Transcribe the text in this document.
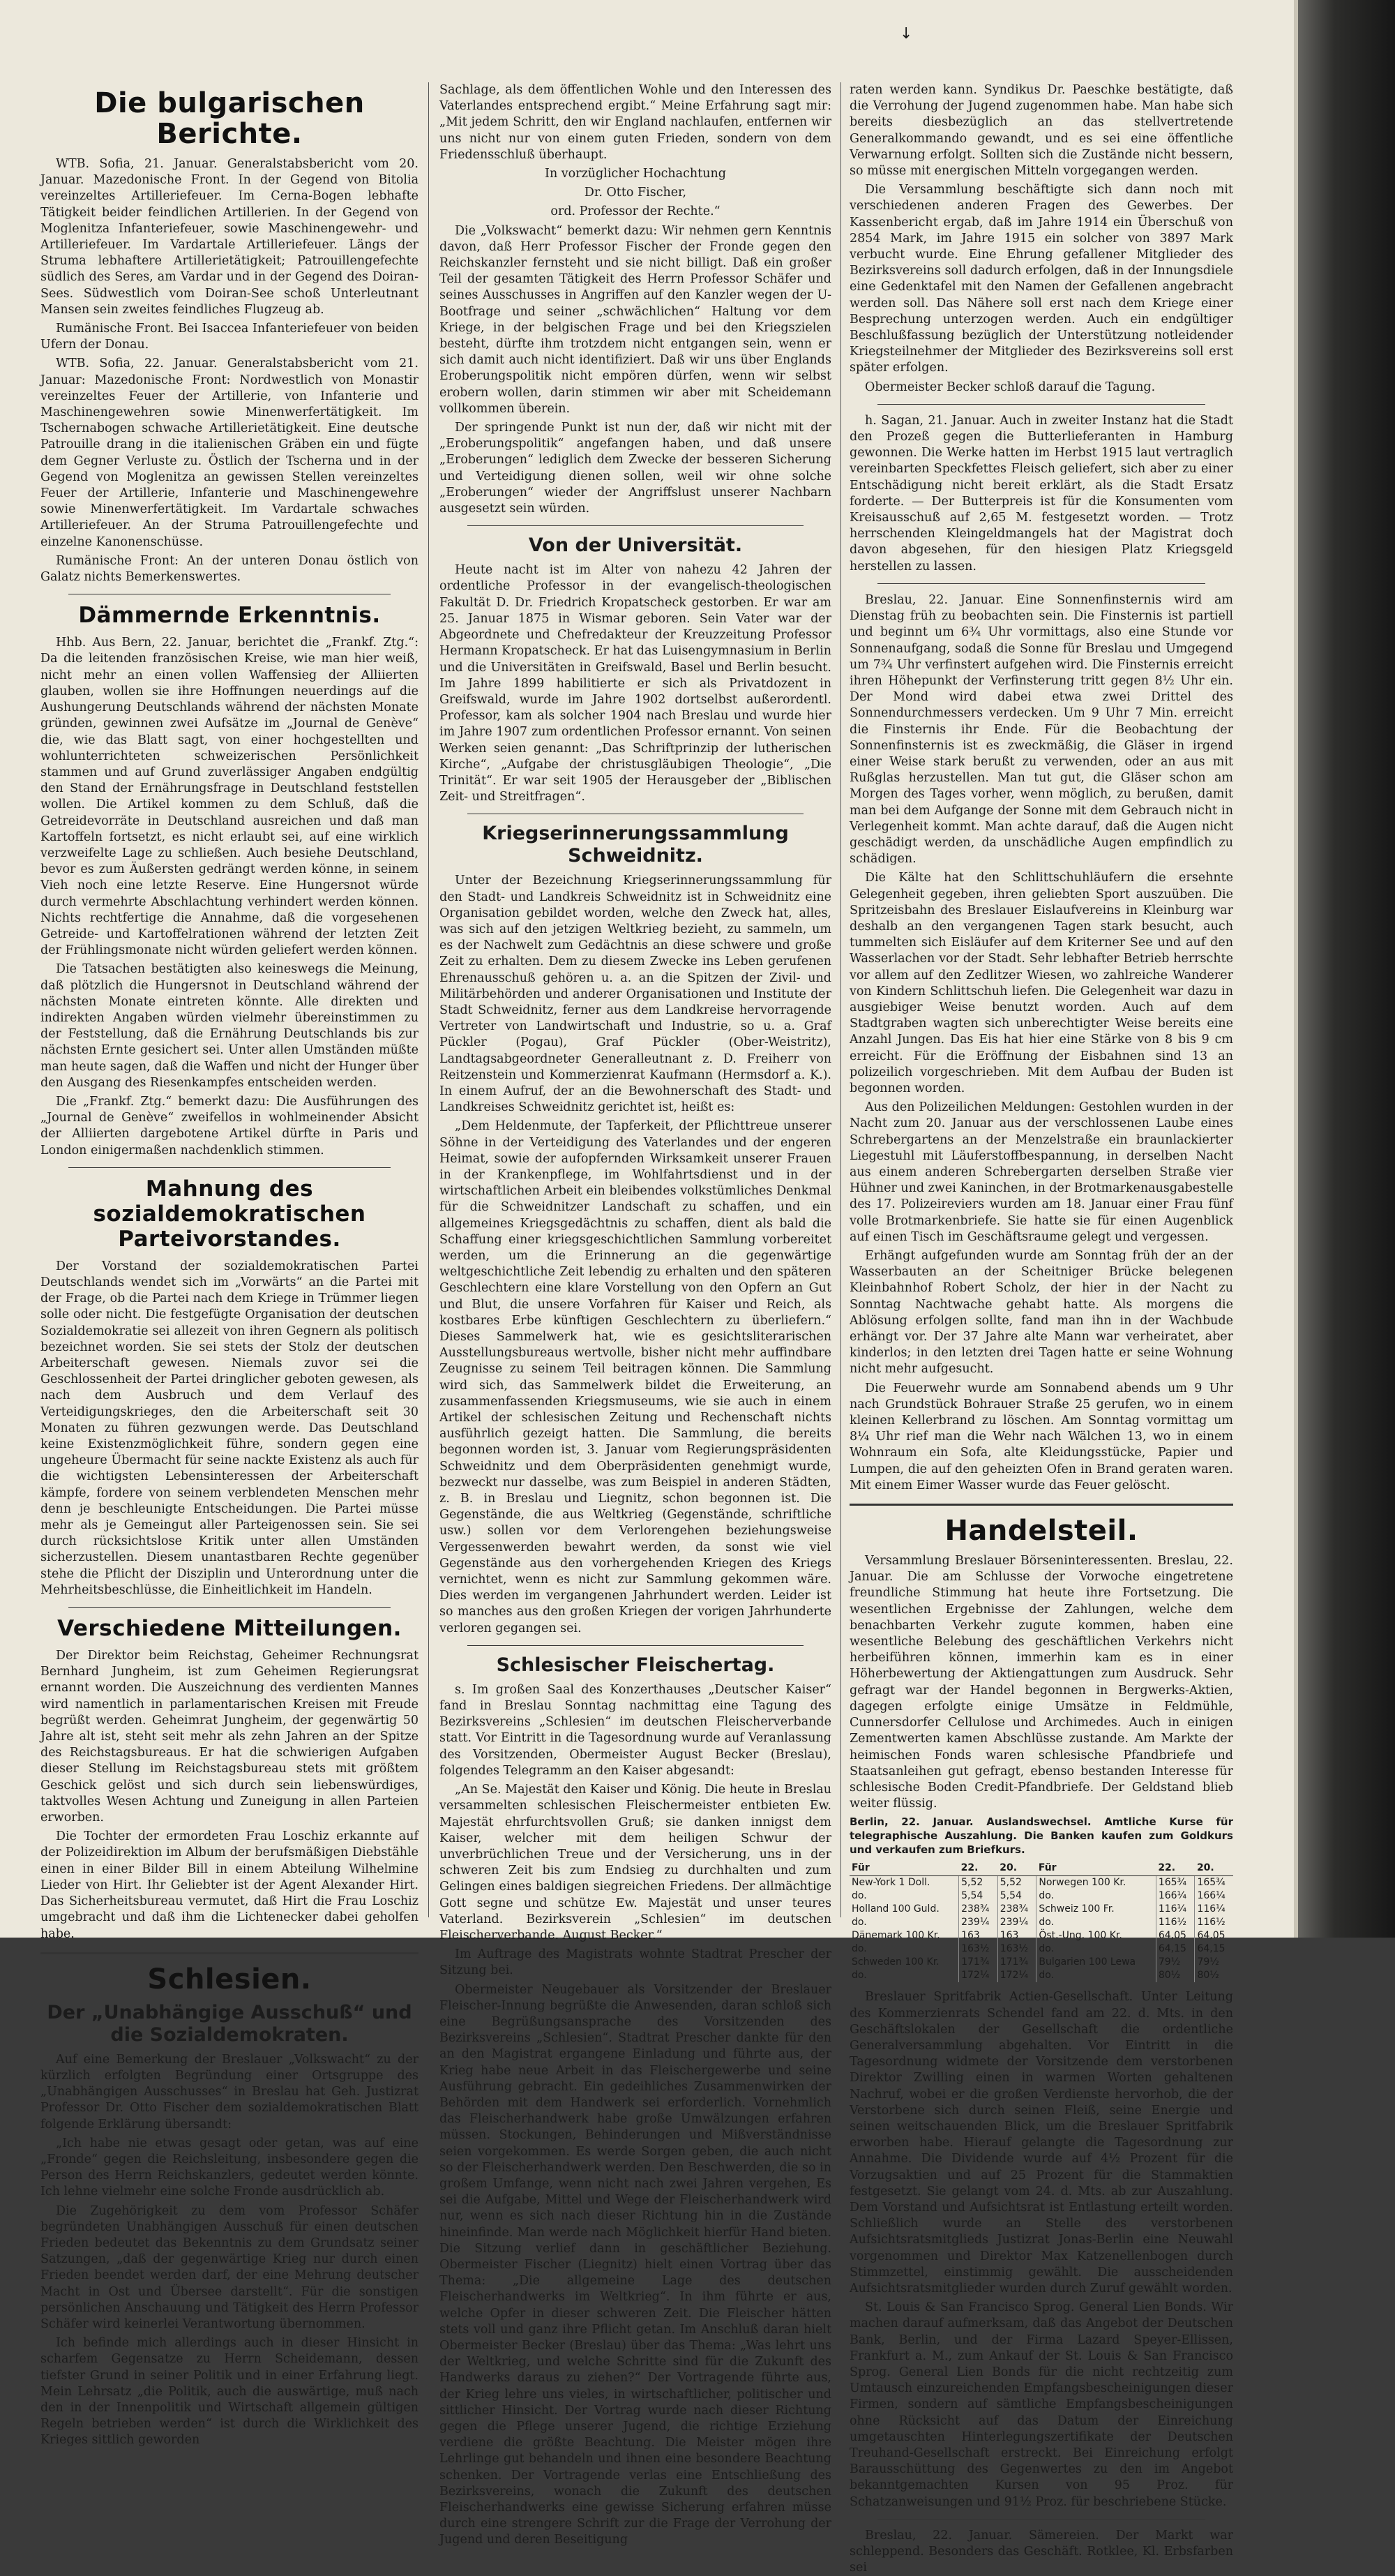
↓
Die bulgarischen Berichte.

WTB. Sofia, 21. Januar. Generalstabsbericht vom 20. Januar. Mazedonische Front. In der Gegend von Bitolia vereinzeltes Artilleriefeuer. Im Cerna-Bogen lebhafte Tätigkeit beider feindlichen Artillerien. In der Gegend von Moglenitza Infanteriefeuer, sowie Maschinengewehr- und Artilleriefeuer. Im Vardartale Artilleriefeuer. Längs der Struma lebhaftere Artillerietätigkeit; Patrouillengefechte südlich des Seres, am Vardar und in der Gegend des Doiran-Sees. Südwestlich vom Doiran-See schoß Unterleutnant Mansen sein zweites feindliches Flugzeug ab.

Rumänische Front. Bei Isaccea Infanteriefeuer von beiden Ufern der Donau.

WTB. Sofia, 22. Januar. Generalstabsbericht vom 21. Januar: Mazedonische Front: Nordwestlich von Monastir vereinzeltes Feuer der Artillerie, von Infanterie und Maschinengewehren sowie Minenwerfertätigkeit. Im Tschernabogen schwache Artillerietätigkeit. Eine deutsche Patrouille drang in die italienischen Gräben ein und fügte dem Gegner Verluste zu. Östlich der Tscherna und in der Gegend von Moglenitza an gewissen Stellen vereinzeltes Feuer der Artillerie, Infanterie und Maschinengewehre sowie Minenwerfertätigkeit. Im Vardartale schwaches Artilleriefeuer. An der Struma Patrouillengefechte und einzelne Kanonenschüsse.

Rumänische Front: An der unteren Donau östlich von Galatz nichts Bemerkenswertes.

Dämmernde Erkenntnis.

Hhb. Aus Bern, 22. Januar, berichtet die „Frankf. Ztg.“: Da die leitenden französischen Kreise, wie man hier weiß, nicht mehr an einen vollen Waffensieg der Alliierten glauben, wollen sie ihre Hoffnungen neuerdings auf die Aushungerung Deutschlands während der nächsten Monate gründen, gewinnen zwei Aufsätze im „Journal de Genève“ die, wie das Blatt sagt, von einer hochgestellten und wohlunterrichteten schweizerischen Persönlichkeit stammen und auf Grund zuverlässiger Angaben endgültig den Stand der Ernährungsfrage in Deutschland feststellen wollen. Die Artikel kommen zu dem Schluß, daß die Getreidevorräte in Deutschland ausreichen und daß man Kartoffeln fortsetzt, es nicht erlaubt sei, auf eine wirklich verzweifelte Lage zu schließen. Auch besiehe Deutschland, bevor es zum Äußersten gedrängt werden könne, in seinem Vieh noch eine letzte Reserve. Eine Hungersnot würde durch vermehrte Abschlachtung verhindert werden können. Nichts rechtfertige die Annahme, daß die vorgesehenen Getreide- und Kartoffelrationen während der letzten Zeit der Frühlingsmonate nicht würden geliefert werden können.

Die Tatsachen bestätigten also keineswegs die Meinung, daß plötzlich die Hungersnot in Deutschland während der nächsten Monate eintreten könnte. Alle direkten und indirekten Angaben würden vielmehr übereinstimmen zu der Feststellung, daß die Ernährung Deutschlands bis zur nächsten Ernte gesichert sei. Unter allen Umständen müßte man heute sagen, daß die Waffen und nicht der Hunger über den Ausgang des Riesenkampfes entscheiden werden.

Die „Frankf. Ztg.“ bemerkt dazu: Die Ausführungen des „Journal de Genève“ zweifellos in wohlmeinender Absicht der Alliierten dargebotene Artikel dürfte in Paris und London einigermaßen nachdenklich stimmen.

Mahnung des sozialdemokratischen Parteivorstandes.

Der Vorstand der sozialdemokratischen Partei Deutschlands wendet sich im „Vorwärts“ an die Partei mit der Frage, ob die Partei nach dem Kriege in Trümmer liegen solle oder nicht. Die festgefügte Organisation der deutschen Sozialdemokratie sei allezeit von ihren Gegnern als politisch bezeichnet worden. Sie sei stets der Stolz der deutschen Arbeiterschaft gewesen. Niemals zuvor sei die Geschlossenheit der Partei dringlicher geboten gewesen, als nach dem Ausbruch und dem Verlauf des Verteidigungskrieges, den die Arbeiterschaft seit 30 Monaten zu führen gezwungen werde. Das Deutschland keine Existenzmöglichkeit führe, sondern gegen eine ungeheure Übermacht für seine nackte Existenz als auch für die wichtigsten Lebensinteressen der Arbeiterschaft kämpfe, fordere von seinem verblendeten Menschen mehr denn je beschleunigte Entscheidungen. Die Partei müsse mehr als je Gemeingut aller Parteigenossen sein. Sie sei durch rücksichtslose Kritik unter allen Umständen sicherzustellen. Diesem unantastbaren Rechte gegenüber stehe die Pflicht der Disziplin und Unterordnung unter die Mehrheitsbeschlüsse, die Einheitlichkeit im Handeln.

Verschiedene Mitteilungen.

Der Direktor beim Reichstag, Geheimer Rechnungsrat Bernhard Jungheim, ist zum Geheimen Regierungsrat ernannt worden. Die Auszeichnung des verdienten Mannes wird namentlich in parlamentarischen Kreisen mit Freude begrüßt werden. Geheimrat Jungheim, der gegenwärtig 50 Jahre alt ist, steht seit mehr als zehn Jahren an der Spitze des Reichstagsbureaus. Er hat die schwierigen Aufgaben dieser Stellung im Reichstagsbureau stets mit größtem Geschick gelöst und sich durch sein liebenswürdiges, taktvolles Wesen Achtung und Zuneigung in allen Parteien erworben.

Die Tochter der ermordeten Frau Loschiz erkannte auf der Polizeidirektion im Album der berufsmäßigen Diebstähle einen in einer Bilder Bill in einem Abteilung Wilhelmine Lieder von Hirt. Ihr Geliebter ist der Agent Alexander Hirt. Das Sicherheitsbureau vermutet, daß Hirt die Frau Loschiz umgebracht und daß ihm die Lichtenecker dabei geholfen habe.

Schlesien.
Der „Unabhängige Ausschuß“ und die Sozialdemokraten.

Auf eine Bemerkung der Breslauer „Volkswacht“ zu der kürzlich erfolgten Begründung einer Ortsgruppe des „Unabhängigen Ausschusses“ in Breslau hat Geh. Justizrat Professor Dr. Otto Fischer dem sozialdemokratischen Blatt folgende Erklärung übersandt:

„Ich habe nie etwas gesagt oder getan, was auf eine „Fronde“ gegen die Reichsleitung, insbesondere gegen die Person des Herrn Reichskanzlers, gedeutet werden könnte. Ich lehne vielmehr eine solche Fronde ausdrücklich ab.

Die Zugehörigkeit zu dem vom Professor Schäfer begründeten Unabhängigen Ausschuß für einen deutschen Frieden bedeutet das Bekenntnis zu dem Grundsatz seiner Satzungen, „daß der gegenwärtige Krieg nur durch einen Frieden beendet werden darf, der eine Mehrung deutscher Macht in Ost und Übersee darstellt“. Für die sonstigen persönlichen Anschauung und Tätigkeit des Herrn Professor Schäfer wird keinerlei Verantwortung übernommen.

Ich befinde mich allerdings auch in dieser Hinsicht in scharfem Gegensatze zu Herrn Scheidemann, dessen tiefster Grund in seiner Politik und in einer Erfahrung liegt. Mein Lehrsatz „die Politik, auch die auswärtige, muß nach den in der Innenpolitik und Wirtschaft allgemein gültigen Regeln betrieben werden“ ist durch die Wirklichkeit des Krieges sittlich geworden

Sachlage, als dem öffentlichen Wohle und den Interessen des Vaterlandes entsprechend ergibt.“ Meine Erfahrung sagt mir: „Mit jedem Schritt, den wir England nachlaufen, entfernen wir uns nicht nur von einem guten Frieden, sondern von dem Friedensschluß überhaupt.

In vorzüglicher Hochachtung

Dr. Otto Fischer,

ord. Professor der Rechte.“

Die „Volkswacht“ bemerkt dazu: Wir nehmen gern Kenntnis davon, daß Herr Professor Fischer der Fronde gegen den Reichskanzler fernsteht und sie nicht billigt. Daß ein großer Teil der gesamten Tätigkeit des Herrn Professor Schäfer und seines Ausschusses in Angriffen auf den Kanzler wegen der U-Bootfrage und seiner „schwächlichen“ Haltung vor dem Kriege, in der belgischen Frage und bei den Kriegszielen besteht, dürfte ihm trotzdem nicht entgangen sein, wenn er sich damit auch nicht identifiziert. Daß wir uns über Englands Eroberungspolitik nicht empören dürfen, wenn wir selbst erobern wollen, darin stimmen wir aber mit Scheidemann vollkommen überein.

Der springende Punkt ist nun der, daß wir nicht mit der „Eroberungspolitik“ angefangen haben, und daß unsere „Eroberungen“ lediglich dem Zwecke der besseren Sicherung und Verteidigung dienen sollen, weil wir ohne solche „Eroberungen“ wieder der Angriffslust unserer Nachbarn ausgesetzt sein würden.

Von der Universität.

Heute nacht ist im Alter von nahezu 42 Jahren der ordentliche Professor in der evangelisch-theologischen Fakultät D. Dr. Friedrich Kropatscheck gestorben. Er war am 25. Januar 1875 in Wismar geboren. Sein Vater war der Abgeordnete und Chefredakteur der Kreuzzeitung Professor Hermann Kropatscheck. Er hat das Luisengymnasium in Berlin und die Universitäten in Greifswald, Basel und Berlin besucht. Im Jahre 1899 habilitierte er sich als Privatdozent in Greifswald, wurde im Jahre 1902 dortselbst außerordentl. Professor, kam als solcher 1904 nach Breslau und wurde hier im Jahre 1907 zum ordentlichen Professor ernannt. Von seinen Werken seien genannt: „Das Schriftprinzip der lutherischen Kirche“, „Aufgabe der christusgläubigen Theologie“, „Die Trinität“. Er war seit 1905 der Herausgeber der „Biblischen Zeit- und Streitfragen“.

Kriegserinnerungssammlung Schweidnitz.

Unter der Bezeichnung Kriegserinnerungssammlung für den Stadt- und Landkreis Schweidnitz ist in Schweidnitz eine Organisation gebildet worden, welche den Zweck hat, alles, was sich auf den jetzigen Weltkrieg bezieht, zu sammeln, um es der Nachwelt zum Gedächtnis an diese schwere und große Zeit zu erhalten. Dem zu diesem Zwecke ins Leben gerufenen Ehrenausschuß gehören u. a. an die Spitzen der Zivil- und Militärbehörden und anderer Organisationen und Institute der Stadt Schweidnitz, ferner aus dem Landkreise hervorragende Vertreter von Landwirtschaft und Industrie, so u. a. Graf Pückler (Pogau), Graf Pückler (Ober-Weistritz), Landtagsabgeordneter Generalleutnant z. D. Freiherr von Reitzenstein und Kommerzienrat Kaufmann (Hermsdorf a. K.). In einem Aufruf, der an die Bewohnerschaft des Stadt- und Landkreises Schweidnitz gerichtet ist, heißt es:

„Dem Heldenmute, der Tapferkeit, der Pflichttreue unserer Söhne in der Verteidigung des Vaterlandes und der engeren Heimat, sowie der aufopfernden Wirksamkeit unserer Frauen in der Krankenpflege, im Wohlfahrtsdienst und in der wirtschaftlichen Arbeit ein bleibendes volkstümliches Denkmal für die Schweidnitzer Landschaft zu schaffen, und ein allgemeines Kriegsgedächtnis zu schaffen, dient als bald die Schaffung einer kriegsgeschichtlichen Sammlung vorbereitet werden, um die Erinnerung an die gegenwärtige weltgeschichtliche Zeit lebendig zu erhalten und den späteren Geschlechtern eine klare Vorstellung von den Opfern an Gut und Blut, die unsere Vorfahren für Kaiser und Reich, als kostbares Erbe künftigen Geschlechtern zu überliefern.“ Dieses Sammelwerk hat, wie es gesichtsliterarischen Ausstellungsbureaus wertvolle, bisher nicht mehr auffindbare Zeugnisse zu seinem Teil beitragen können. Die Sammlung wird sich, das Sammelwerk bildet die Erweiterung, an zusammenfassenden Kriegsmuseums, wie sie auch in einem Artikel der schlesischen Zeitung und Rechenschaft nichts ausführlich gezeigt hatten. Die Sammlung, die bereits begonnen worden ist, 3. Januar vom Regierungspräsidenten Schweidnitz und dem Oberpräsidenten genehmigt wurde, bezweckt nur dasselbe, was zum Beispiel in anderen Städten, z. B. in Breslau und Liegnitz, schon begonnen ist. Die Gegenstände, die aus Weltkrieg (Gegenstände, schriftliche usw.) sollen vor dem Verlorengehen beziehungsweise Vergessenwerden bewahrt werden, da sonst wie viel Gegenstände aus den vorhergehenden Kriegen des Kriegs vernichtet, wenn es nicht zur Sammlung gekommen wäre. Dies werden im vergangenen Jahrhundert werden. Leider ist so manches aus den großen Kriegen der vorigen Jahrhunderte verloren gegangen sei.

Schlesischer Fleischertag.

s. Im großen Saal des Konzerthauses „Deutscher Kaiser“ fand in Breslau Sonntag nachmittag eine Tagung des Bezirksvereins „Schlesien“ im deutschen Fleischerverbande statt. Vor Eintritt in die Tagesordnung wurde auf Veranlassung des Vorsitzenden, Obermeister August Becker (Breslau), folgendes Telegramm an den Kaiser abgesandt:

„An Se. Majestät den Kaiser und König. Die heute in Breslau versammelten schlesischen Fleischermeister entbieten Ew. Majestät ehrfurchtsvollen Gruß; sie danken innigst dem Kaiser, welcher mit dem heiligen Schwur der unverbrüchlichen Treue und der Versicherung, uns in der schweren Zeit bis zum Endsieg zu durchhalten und zum Gelingen eines baldigen siegreichen Friedens. Der allmächtige Gott segne und schütze Ew. Majestät und unser teures Vaterland. Bezirksverein „Schlesien“ im deutschen Fleischerverbande. August Becker.“

Im Auftrage des Magistrats wohnte Stadtrat Prescher der Sitzung bei.

Obermeister Neugebauer als Vorsitzender der Breslauer Fleischer-Innung begrüßte die Anwesenden, daran schloß sich eine Begrüßungsansprache des Vorsitzenden des Bezirksvereins „Schlesien“. Stadtrat Prescher dankte für den an den Magistrat ergangene Einladung und führte aus, der Krieg habe neue Arbeit in das Fleischergewerbe und seine Ausführung gebracht. Ein gedeihliches Zusammenwirken der Behörden mit dem Handwerk sei erforderlich. Vornehmlich das Fleischerhandwerk habe große Umwälzungen erfahren müssen. Stockungen, Behinderungen und Mißverständnisse seien vorgekommen. Es werde Sorgen geben, die auch nicht so der Fleischerhandwerk werden. Den Beschwerden, die so in großem Umfange, wenn nicht nach zwei Jahren vergehen, Es sei die Aufgabe, Mittel und Wege der Fleischerhandwerk wird nur, wenn es sich nach dieser Richtung hin in die Zustände hineinfinde. Man werde nach Möglichkeit hierfür Hand bieten. Die Sitzung verlief dann in geschäftlicher Beziehung. Obermeister Fischer (Liegnitz) hielt einen Vortrag über das Thema: „Die allgemeine Lage des deutschen Fleischerhandwerks im Weltkrieg“. In ihm führte er aus, welche Opfer in dieser schweren Zeit. Die Fleischer hätten stets voll und ganz ihre Pflicht getan. Im Anschluß daran hielt Obermeister Becker (Breslau) über das Thema: „Was lehrt uns der Weltkrieg, und welche Schritte sind für die Zukunft des Handwerks daraus zu ziehen?“ Der Vortragende führte aus, der Krieg lehre uns vieles, in wirtschaftlicher, politischer und sittlicher Hinsicht. Der Vortrag wurde nach dieser Richtung gegen die Pflege unserer Jugend, die richtige Erziehung verdiene die größte Beachtung. Die Meister mögen ihre Lehrlinge gut behandeln und ihnen eine besondere Beachtung schenken. Der Vortragende verlas eine Entschließung des Bezirksvereins, wonach die Zukunft des deutschen Fleischerhandwerks eine gewisse Sicherung erfahren müsse durch eine strengere Schrift zur die Frage der Verrohung der Jugend und deren Beseitigung

raten werden kann. Syndikus Dr. Paeschke bestätigte, daß die Verrohung der Jugend zugenommen habe. Man habe sich bereits diesbezüglich an das stellvertretende Generalkommando gewandt, und es sei eine öffentliche Verwarnung erfolgt. Sollten sich die Zustände nicht bessern, so müsse mit energischen Mitteln vorgegangen werden.

Die Versammlung beschäftigte sich dann noch mit verschiedenen anderen Fragen des Gewerbes. Der Kassenbericht ergab, daß im Jahre 1914 ein Überschuß von 2854 Mark, im Jahre 1915 ein solcher von 3897 Mark verbucht wurde. Eine Ehrung gefallener Mitglieder des Bezirksvereins soll dadurch erfolgen, daß in der Innungsdiele eine Gedenktafel mit den Namen der Gefallenen angebracht werden soll. Das Nähere soll erst nach dem Kriege einer Besprechung unterzogen werden. Auch ein endgültiger Beschlußfassung bezüglich der Unterstützung notleidender Kriegsteilnehmer der Mitglieder des Bezirksvereins soll erst später erfolgen.

Obermeister Becker schloß darauf die Tagung.

h. Sagan, 21. Januar. Auch in zweiter Instanz hat die Stadt den Prozeß gegen die Butterlieferanten in Hamburg gewonnen. Die Werke hatten im Herbst 1915 laut vertraglich vereinbarten Speckfettes Fleisch geliefert, sich aber zu einer Entschädigung nicht bereit erklärt, als die Stadt Ersatz forderte. — Der Butterpreis ist für die Konsumenten vom Kreisausschuß auf 2,65 M. festgesetzt worden. — Trotz herrschenden Kleingeldmangels hat der Magistrat doch davon abgesehen, für den hiesigen Platz Kriegsgeld herstellen zu lassen.

Breslau, 22. Januar. Eine Sonnenfinsternis wird am Dienstag früh zu beobachten sein. Die Finsternis ist partiell und beginnt um 6¾ Uhr vormittags, also eine Stunde vor Sonnenaufgang, sodaß die Sonne für Breslau und Umgegend um 7¾ Uhr verfinstert aufgehen wird. Die Finsternis erreicht ihren Höhepunkt der Verfinsterung tritt gegen 8½ Uhr ein. Der Mond wird dabei etwa zwei Drittel des Sonnendurchmessers verdecken. Um 9 Uhr 7 Min. erreicht die Finsternis ihr Ende. Für die Beobachtung der Sonnenfinsternis ist es zweckmäßig, die Gläser in irgend einer Weise stark berußt zu verwenden, oder an aus mit Rußglas herzustellen. Man tut gut, die Gläser schon am Morgen des Tages vorher, wenn möglich, zu berußen, damit man bei dem Aufgange der Sonne mit dem Gebrauch nicht in Verlegenheit kommt. Man achte darauf, daß die Augen nicht geschädigt werden, da unschädliche Augen empfindlich zu schädigen.

Die Kälte hat den Schlittschuhläufern die ersehnte Gelegenheit gegeben, ihren geliebten Sport auszuüben. Die Spritzeisbahn des Breslauer Eislaufvereins in Kleinburg war deshalb an den vergangenen Tagen stark besucht, auch tummelten sich Eisläufer auf dem Kriterner See und auf den Wasserlachen vor der Stadt. Sehr lebhafter Betrieb herrschte vor allem auf den Zedlitzer Wiesen, wo zahlreiche Wanderer von Kindern Schlittschuh liefen. Die Gelegenheit war dazu in ausgiebiger Weise benutzt worden. Auch auf dem Stadtgraben wagten sich unberechtigter Weise bereits eine Anzahl Jungen. Das Eis hat hier eine Stärke von 8 bis 9 cm erreicht. Für die Eröffnung der Eisbahnen sind 13 an polizeilich vorgeschrieben. Mit dem Aufbau der Buden ist begonnen worden.

Aus den Polizeilichen Meldungen: Gestohlen wurden in der Nacht zum 20. Januar aus der verschlossenen Laube eines Schrebergartens an der Menzelstraße ein braunlackierter Liegestuhl mit Läuferstoffbespannung, in derselben Nacht aus einem anderen Schrebergarten derselben Straße vier Hühner und zwei Kaninchen, in der Brotmarkenausgabestelle des 17. Polizeireviers wurden am 18. Januar einer Frau fünf volle Brotmarkenbriefe. Sie hatte sie für einen Augenblick auf einen Tisch im Geschäftsraume gelegt und vergessen.

Erhängt aufgefunden wurde am Sonntag früh der an der Wasserbauten an der Scheitniger Brücke belegenen Kleinbahnhof Robert Scholz, der hier in der Nacht zu Sonntag Nachtwache gehabt hatte. Als morgens die Ablösung erfolgen sollte, fand man ihn in der Wachbude erhängt vor. Der 37 Jahre alte Mann war verheiratet, aber kinderlos; in den letzten drei Tagen hatte er seine Wohnung nicht mehr aufgesucht.

Die Feuerwehr wurde am Sonnabend abends um 9 Uhr nach Grundstück Bohrauer Straße 25 gerufen, wo in einem kleinen Kellerbrand zu löschen. Am Sonntag vormittag um 8¼ Uhr rief man die Wehr nach Wälchen 13, wo in einem Wohnraum ein Sofa, alte Kleidungsstücke, Papier und Lumpen, die auf den geheizten Ofen in Brand geraten waren. Mit einem Eimer Wasser wurde das Feuer gelöscht.

Handelsteil.

Versammlung Breslauer Börseninteressenten. Breslau, 22. Januar. Die am Schlusse der Vorwoche eingetretene freundliche Stimmung hat heute ihre Fortsetzung. Die wesentlichen Ergebnisse der Zahlungen, welche dem benachbarten Verkehr zugute kommen, haben eine wesentliche Belebung des geschäftlichen Verkehrs nicht herbeiführen können, immerhin kam es in einer Höherbewertung der Aktiengattungen zum Ausdruck. Sehr gefragt war der Handel begonnen in Bergwerks-Aktien, dagegen erfolgte einige Umsätze in Feldmühle, Cunnersdorfer Cellulose und Archimedes. Auch in einigen Zementwerten kamen Abschlüsse zustande. Am Markte der heimischen Fonds waren schlesische Pfandbriefe und Staatsanleihen gut gefragt, ebenso bestanden Interesse für schlesische Boden Credit-Pfandbriefe. Der Geldstand blieb weiter flüssig.

Berlin, 22. Januar. Auslandswechsel. Amtliche Kurse für telegraphische Auszahlung. Die Banken kaufen zum Goldkurs und verkaufen zum Briefkurs.

Für	22.	20.	Für	22.	20.
New-York 1 Doll.	5,52	5,52	Norwegen 100 Kr.	165¾	165¾
do.	5,54	5,54	do.	166¼	166¼
Holland 100 Guld.	238¾	238¾	Schweiz 100 Fr.	116¼	116¼
do.	239¼	239¼	do.	116½	116½
Dänemark 100 Kr.	163	163	Öst.-Ung. 100 Kr.	64,05	64,05
do.	163½	163½	do.	64,15	64,15
Schweden 100 Kr.	171¾	171¾	Bulgarien 100 Lewa	79½	79½
do.	172¼	172¼	do.	80½	80½

Breslauer Spritfabrik Actien-Gesellschaft. Unter Leitung des Kommerzienrats Schendel fand am 22. d. Mts. in den Geschäftslokalen der Gesellschaft die ordentliche Generalversammlung abgehalten. Vor Eintritt in die Tagesordnung widmete der Vorsitzende dem verstorbenen Direktor Zwilling einen in warmen Worten gehaltenen Nachruf, wobei er die großen Verdienste hervorhob, die der Verstorbene sich durch seinen Fleiß, seine Energie und seinen weitschauenden Blick, um die Breslauer Spritfabrik erworben habe. Hierauf gelangte die Tagesordnung zur Annahme. Die Dividende wurde auf 4½ Prozent für die Vorzugsaktien und auf 25 Prozent für die Stammaktien festgesetzt. Sie gelangt vom 24. d. Mts. ab zur Auszahlung. Dem Vorstand und Aufsichtsrat ist Entlastung erteilt worden. Schließlich wurde an Stelle des verstorbenen Aufsichtsratsmitglieds Justizrat Jonas-Berlin eine Neuwahl vorgenommen und Direktor Max Katzenellenbogen durch Stimmzettel, einstimmig gewählt. Die ausscheidenden Aufsichtsratsmitglieder wurden durch Zuruf gewählt worden.

St. Louis & San Francisco Sprog. General Lien Bonds. Wir machen darauf aufmerksam, daß das Angebot der Deutschen Bank, Berlin, und der Firma Lazard Speyer-Ellissen, Frankfurt a. M., zum Ankauf der St. Louis & San Francisco Sprog. General Lien Bonds für die nicht rechtzeitig zum Umtausch einzureichenden Empfangsbescheinigungen dieser Firmen, sondern auf sämtliche Empfangsbescheinigungen ohne Rücksicht auf das Datum der Einreichung umgetauschten Hinterlegungszertifikate der Deutschen Treuhand-Gesellschaft erstreckt. Bei Einreichung erfolgt Barausschüttung des Gegenwertes zu den im Angebot bekanntgemachten Kursen von 95 Proz. für Schatzanweisungen und 91½ Proz. für beschriebene Stücke.

Breslau, 22. Januar. Sämereien. Der Markt war schleppend. Besonders das Geschäft. Rotklee, Kl. Erbsfarben sei
